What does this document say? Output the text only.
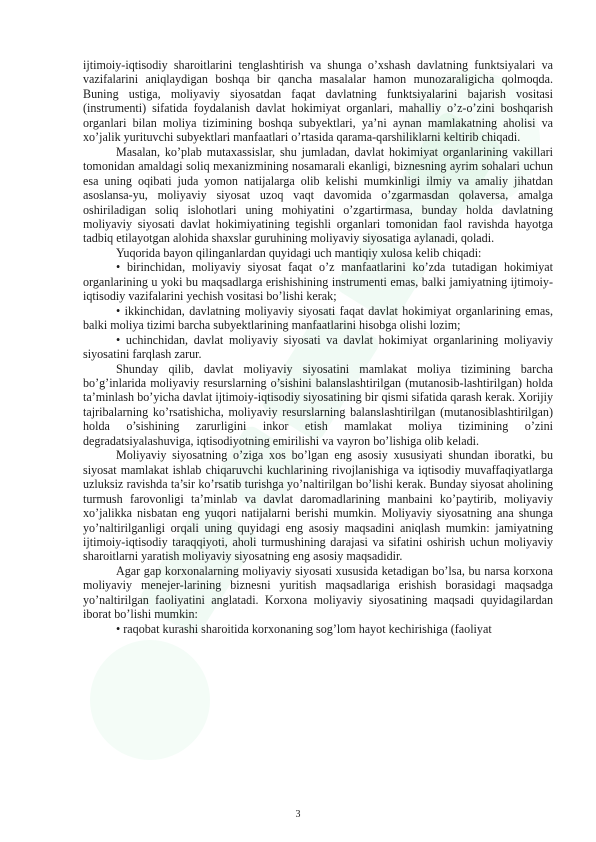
ijtimoiy-iqtisodiy sharoitlarini tenglashtirish va shunga o’xshash davlatning funktsiyalari va vazifalarini aniqlaydigan boshqa bir qancha masalalar hamon munozaraligicha qolmoqda. Buning ustiga, moliyaviy siyosatdan faqat davlatning funktsiyalarini bajarish vositasi (instrumenti) sifatida foydalanish davlat hokimiyat organlari, mahalliy o’z-o’zini boshqarish organlari bilan moliya tizimining boshqa subyektlari, ya’ni aynan mamlakatning aholisi va xo’jalik yurituvchi subyektlari manfaatlari o’rtasida qarama-qarshiliklarni keltirib chiqadi.

Masalan, ko’plab mutaxassislar, shu jumladan, davlat hokimiyat organlarining vakillari tomonidan amaldagi soliq mexanizmining nosamarali ekanligi, biznesning ayrim sohalari uchun esa uning oqibati juda yomon natijalarga olib kelishi mumkinligi ilmiy va amaliy jihatdan asoslansa-yu, moliyaviy siyosat uzoq vaqt davomida o’zgarmasdan qolaversa, amalga oshiriladigan soliq islohotlari uning mohiyatini o’zgartirmasa, bunday holda davlatning moliyaviy siyosati davlat hokimiyatining tegishli organlari tomonidan faol ravishda hayotga tadbiq etilayotgan alohida shaxslar guruhining moliyaviy siyosatiga aylanadi, qoladi.

Yuqorida bayon qilinganlardan quyidagi uch mantiqiy xulosa kelib chiqadi:

• birinchidan, moliyaviy siyosat faqat o’z manfaatlarini ko’zda tutadigan hokimiyat organlarining u yoki bu maqsadlarga erishishining instrumenti emas, balki jamiyatning ijtimoiy-iqtisodiy vazifalarini yechish vositasi bo’lishi kerak;

• ikkinchidan, davlatning moliyaviy siyosati faqat davlat hokimiyat organlarining emas, balki moliya tizimi barcha subyektlarining manfaatlarini hisobga olishi lozim;

• uchinchidan, davlat moliyaviy siyosati va davlat hokimiyat organlarining moliyaviy siyosatini farqlash zarur.

Shunday qilib, davlat moliyaviy siyosatini mamlakat moliya tizimining barcha bo’g’inlarida moliyaviy resurslarning o’sishini balanslashtirilgan (mutanosib-lashtirilgan) holda ta’minlash bo’yicha davlat ijtimoiy-iqtisodiy siyosatining bir qismi sifatida qarash kerak. Xorijiy tajribalarning ko’rsatishicha, moliyaviy resurslarning balanslashtirilgan (mutanosiblashtirilgan) holda o’sishining zarurligini inkor etish mamlakat moliya tizimining o’zini degradatsiyalashuviga, iqtisodiyotning emirilishi va vayron bo’lishiga olib keladi.

Moliyaviy siyosatning o’ziga xos bo’lgan eng asosiy xususiyati shundan iboratki, bu siyosat mamlakat ishlab chiqaruvchi kuchlarining rivojlanishiga va iqtisodiy muvaffaqiyatlarga uzluksiz ravishda ta’sir ko’rsatib turishga yo’naltirilgan bo’lishi kerak. Bunday siyosat aholining turmush farovonligi ta’minlab va davlat daromadlarining manbaini ko’paytirib, moliyaviy xo’jalikka nisbatan eng yuqori natijalarni berishi mumkin. Moliyaviy siyosatning ana shunga yo’naltirilganligi orqali uning quyidagi eng asosiy maqsadini aniqlash mumkin: jamiyatning ijtimoiy-iqtisodiy taraqqiyoti, aholi turmushining darajasi va sifatini oshirish uchun moliyaviy sharoitlarni yaratish moliyaviy siyosatning eng asosiy maqsadidir.

Agar gap korxonalarning moliyaviy siyosati xususida ketadigan bo’lsa, bu narsa korxona moliyaviy menejer-larining biznesni yuritish maqsadlariga erishish borasidagi maqsadga yo’naltirilgan faoliyatini anglatadi. Korxona moliyaviy siyosatining maqsadi quyidagilardan iborat bo’lishi mumkin:

• raqobat kurashi sharoitida korxonaning sog’lom hayot kechirishiga (faoliyat

3
